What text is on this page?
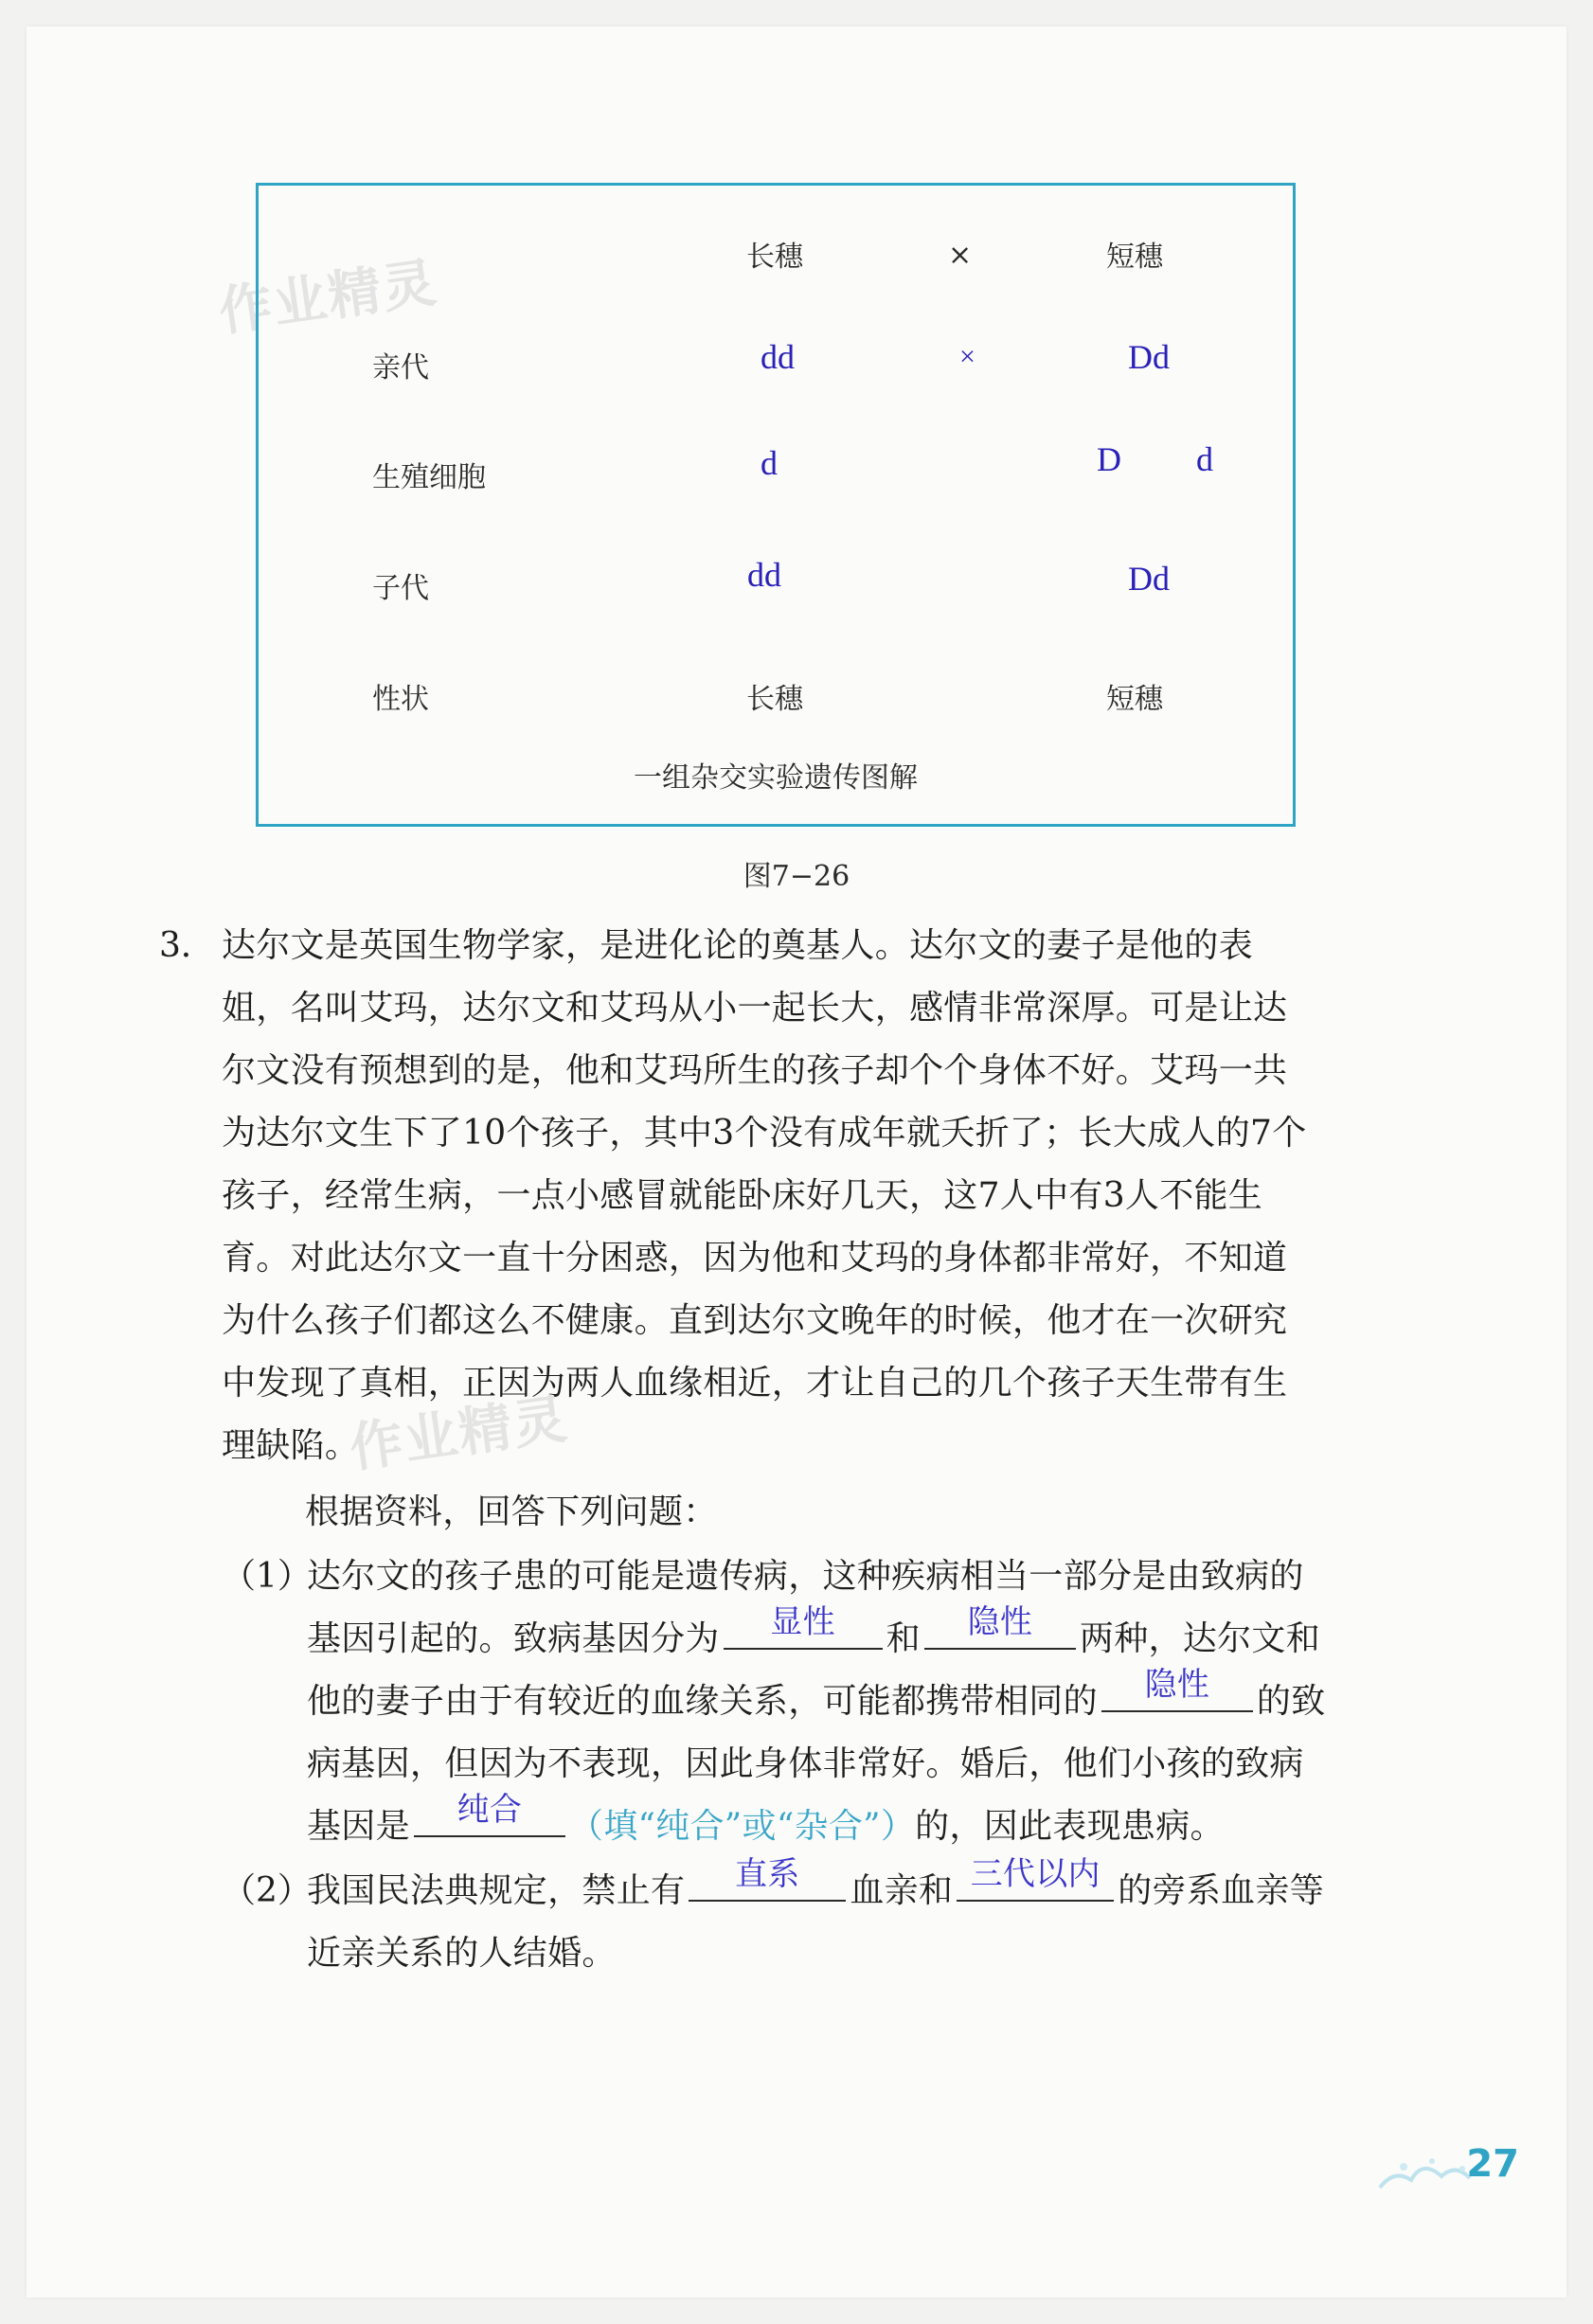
作业精灵
作业精灵
长穗	×	短穗
亲代	dd	×	Dd
生殖细胞	d	D d
子代	dd	Dd
性状	长穗	短穗
一组杂交实验遗传图解
图7−26
3． 达尔文是英国生物学家，是进化论的奠基人。达尔文的妻子是他的表
姐，名叫艾玛，达尔文和艾玛从小一起长大，感情非常深厚。可是让达
尔文没有预想到的是，他和艾玛所生的孩子却个个身体不好。艾玛一共
为达尔文生下了10个孩子，其中3个没有成年就夭折了；长大成人的7个
孩子，经常生病，一点小感冒就能卧床好几天，这7人中有3人不能生
育。对此达尔文一直十分困惑，因为他和艾玛的身体都非常好，不知道
为什么孩子们都这么不健康。直到达尔文晚年的时候，他才在一次研究
中发现了真相，正因为两人血缘相近，才让自己的几个孩子天生带有生
理缺陷。
根据资料，回答下列问题：
（1）
达尔文的孩子患的可能是遗传病，这种疾病相当一部分是由致病的
基因引起的。致病基因分为	显性	和	隐性	两种，达尔文和
他的妻子由于有较近的血缘关系，可能都携带相同的	隐性	的致
病基因，但因为不表现，因此身体非常好。婚后，他们小孩的致病
基因是	纯合	（填“纯合”或“杂合”）的，因此表现患病。
（2）
我国民法典规定，禁止有	直系	血亲和 三代以内 的旁系血亲等
近亲关系的人结婚。
27
